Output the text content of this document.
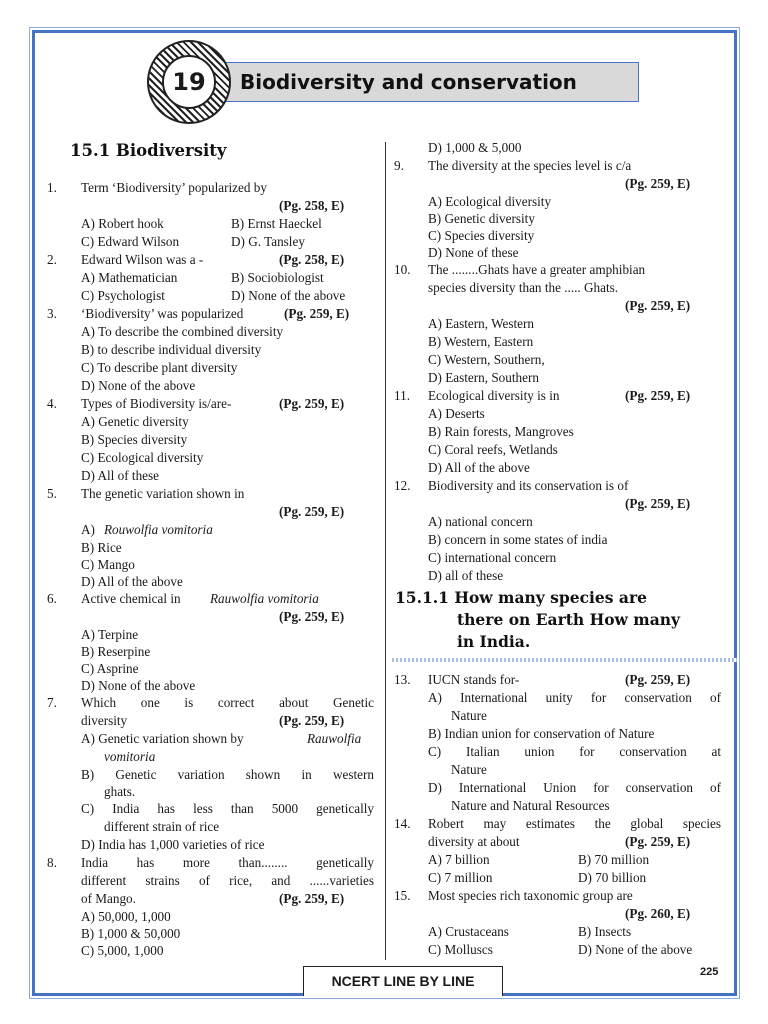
Biodiversity and conservation
19
15.1 Biodiversity
1. Term ‘Biodiversity’ popularized by
(Pg. 258, E)
A) Robert hook	B) Ernst Haeckel
C) Edward Wilson	D) G. Tansley
2. Edward Wilson was a -	(Pg. 258, E)
A) Mathematician	B) Sociobiologist
C) Psychologist	D) None of the above
3. ‘Biodiversity’ was popularized	(Pg. 259, E)
A) To describe the combined diversity
B) to describe individual diversity
C) To describe plant diversity
D) None of the above
4. Types of Biodiversity is/are-	(Pg. 259, E)
A) Genetic diversity
B) Species diversity
C) Ecological diversity
D) All of these
5. The genetic variation shown in
(Pg. 259, E)
A) Rouwolfia vomitoria
B) Rice
C) Mango
D) All of the above
6. Active chemical in Rauwolfia vomitoria
(Pg. 259, E)
A) Terpine
B) Reserpine
C) Asprine
D) None of the above
7. Which one is correct about Genetic
diversity	(Pg. 259, E)
A) Genetic variation shown by	Rauwolfia
vomitoria
B) Genetic variation shown in western
ghats.
C) India has less than 5000 genetically
different strain of rice
D) India has 1,000 varieties of rice
8. India has more than........ genetically
different strains of rice, and ......varieties
of Mango.	(Pg. 259, E)
A) 50,000, 1,000
B) 1,000 & 50,000
C) 5,000, 1,000
D) 1,000 & 5,000
9. The diversity at the species level is c/a
(Pg. 259, E)
A) Ecological diversity
B) Genetic diversity
C) Species diversity
D) None of these
10. The ........Ghats have a greater amphibian
species diversity than the ..... Ghats.
(Pg. 259, E)
A) Eastern, Western
B) Western, Eastern
C) Western, Southern,
D) Eastern, Southern
11. Ecological diversity is in	(Pg. 259, E)
A) Deserts
B) Rain forests, Mangroves
C) Coral reefs, Wetlands
D) All of the above
12. Biodiversity and its conservation is of
(Pg. 259, E)
A) national concern
B) concern in some states of india
C) international concern
D) all of these
15.1.1 How many species are
there on Earth How many
in India.
13. IUCN stands for-	(Pg. 259, E)
A) International unity for conservation of
Nature
B) Indian union for conservation of Nature
C) Italian union for conservation at
Nature
D) International Union for conservation of
Nature and Natural Resources
14. Robert may estimates the global species
diversity at about	(Pg. 259, E)
A) 7 billion	B) 70 million
C) 7 million	D) 70 billion
15. Most species rich taxonomic group are
(Pg. 260, E)
A) Crustaceans	B) Insects
C) Molluscs	D) None of the above
NCERT LINE BY LINE
225
